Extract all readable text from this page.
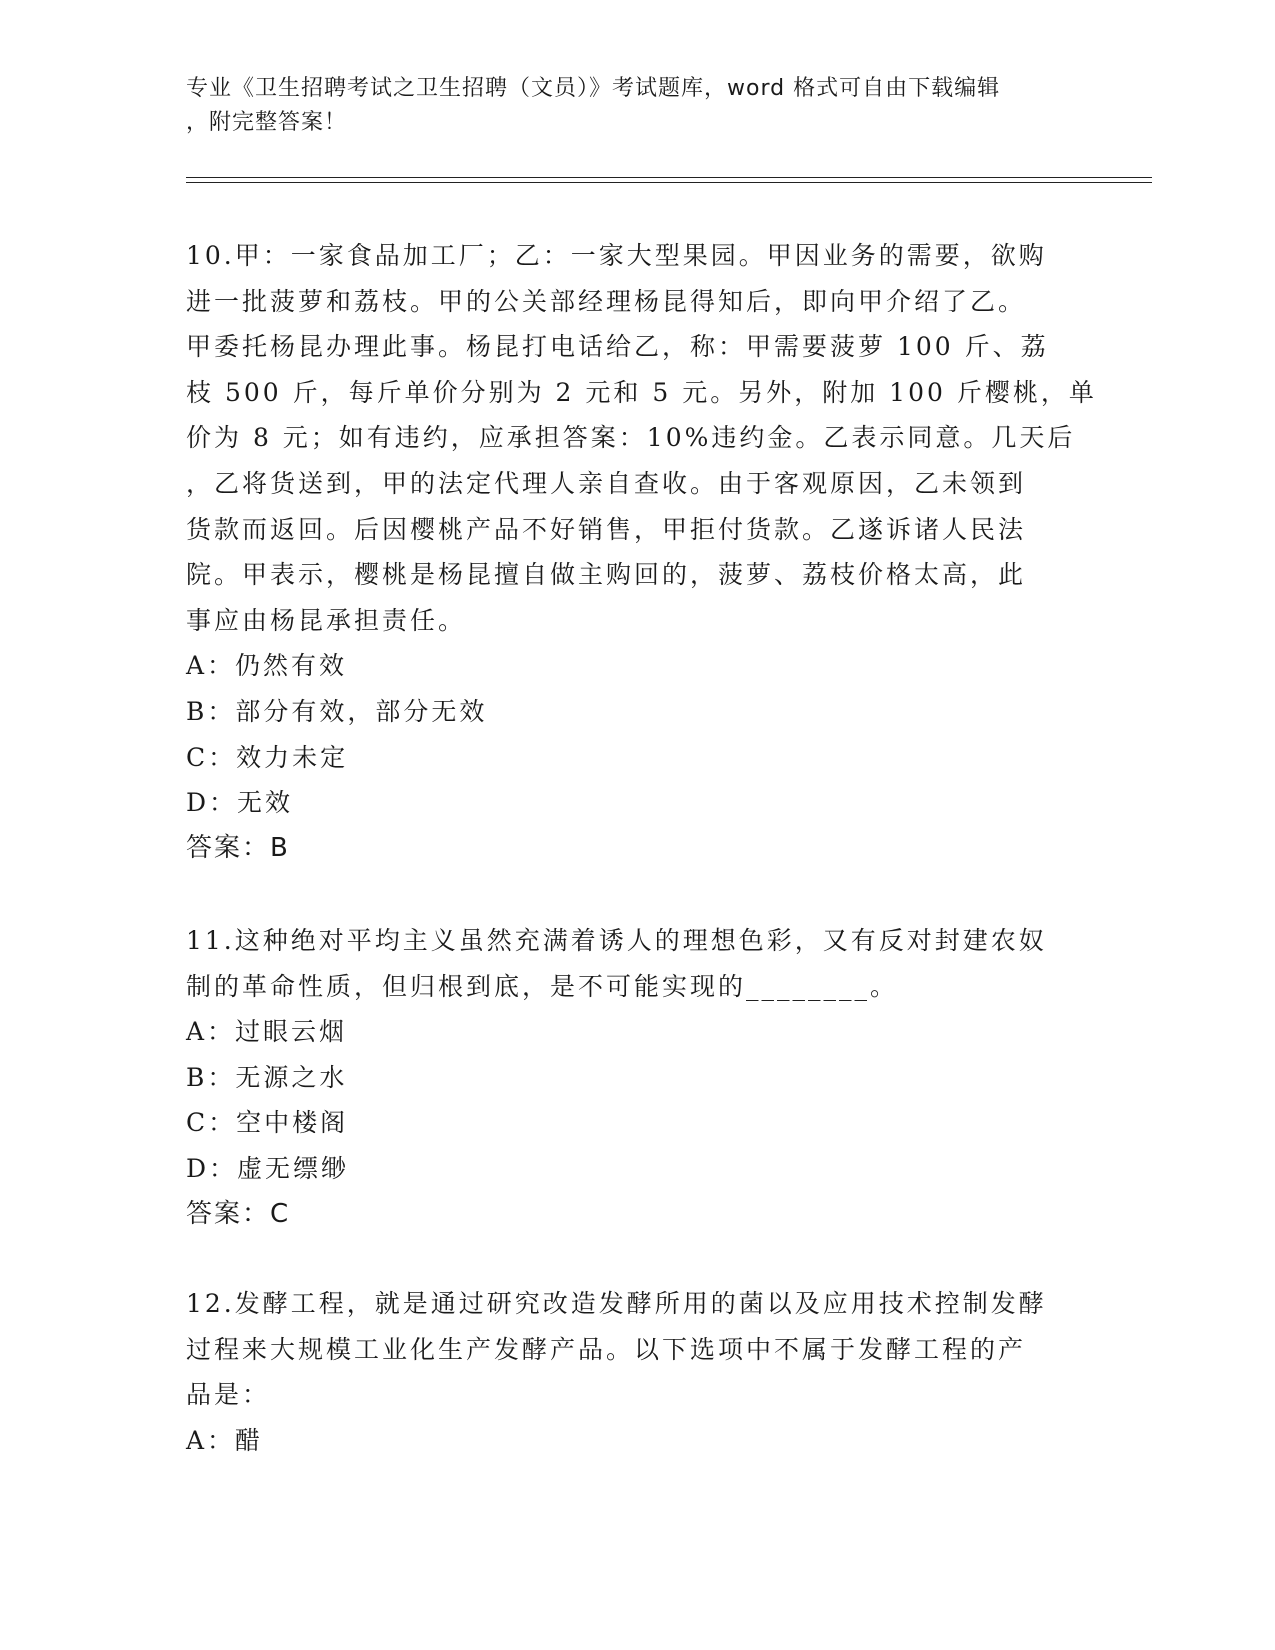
专业《卫生招聘考试之卫生招聘（文员）》考试题库，word 格式可自由下载编辑
，附完整答案！
10.甲：一家食品加工厂；乙：一家大型果园。甲因业务的需要，欲购
进一批菠萝和荔枝。甲的公关部经理杨昆得知后，即向甲介绍了乙。
甲委托杨昆办理此事。杨昆打电话给乙，称：甲需要菠萝 100 斤、荔
枝 500 斤，每斤单价分别为 2 元和 5 元。另外，附加 100 斤樱桃，单
价为 8 元；如有违约，应承担答案：10%违约金。乙表示同意。几天后
，乙将货送到，甲的法定代理人亲自查收。由于客观原因，乙未领到
货款而返回。后因樱桃产品不好销售，甲拒付货款。乙遂诉诸人民法
院。甲表示，樱桃是杨昆擅自做主购回的，菠萝、荔枝价格太高，此
事应由杨昆承担责任。
A：仍然有效
B：部分有效，部分无效
C：效力未定
D：无效
答案：B
11.这种绝对平均主义虽然充满着诱人的理想色彩，又有反对封建农奴
制的革命性质，但归根到底，是不可能实现的________。
A：过眼云烟
B：无源之水
C：空中楼阁
D：虚无缥缈
答案：C
12.发酵工程，就是通过研究改造发酵所用的菌以及应用技术控制发酵
过程来大规模工业化生产发酵产品。以下选项中不属于发酵工程的产
品是：
A：醋
